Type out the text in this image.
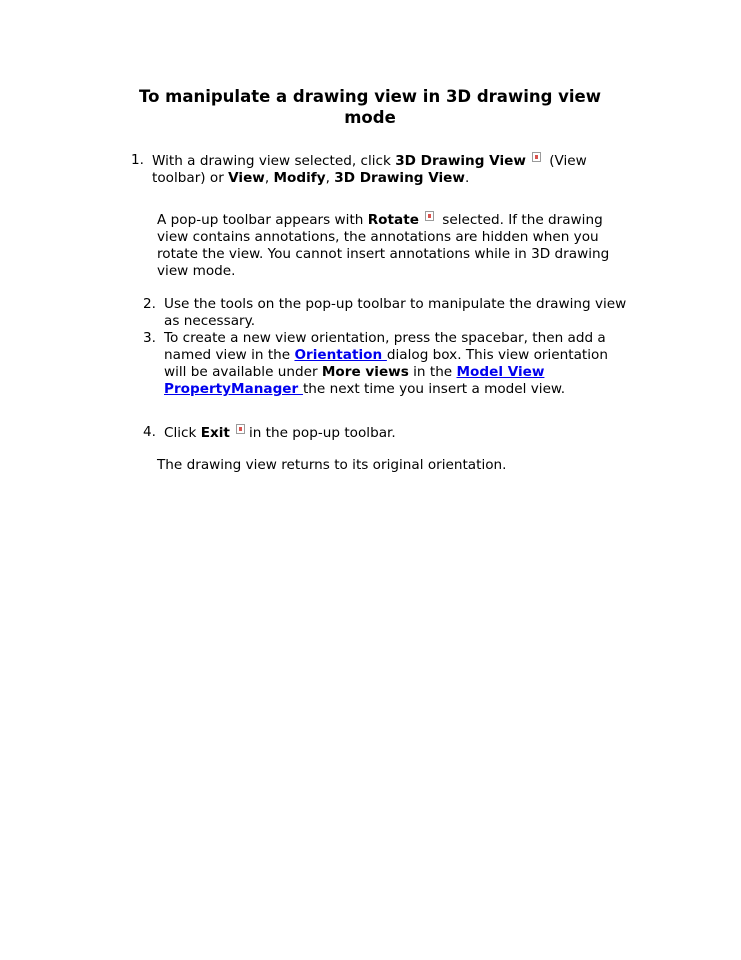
To manipulate a drawing view in 3D drawing view mode
1. With a drawing view selected, click 3D Drawing View (View toolbar) or View, Modify, 3D Drawing View.

A pop-up toolbar appears with Rotate selected. If the drawing view contains annotations, the annotations are hidden when you rotate the view. You cannot insert annotations while in 3D drawing view mode.

2. Use the tools on the pop-up toolbar to manipulate the drawing view as necessary.

3. To create a new view orientation, press the spacebar, then add a named view in the Orientation dialog box. This view orientation will be available under More views in the Model View PropertyManager the next time you insert a model view.

4. Click Exit in the pop-up toolbar.

The drawing view returns to its original orientation.
